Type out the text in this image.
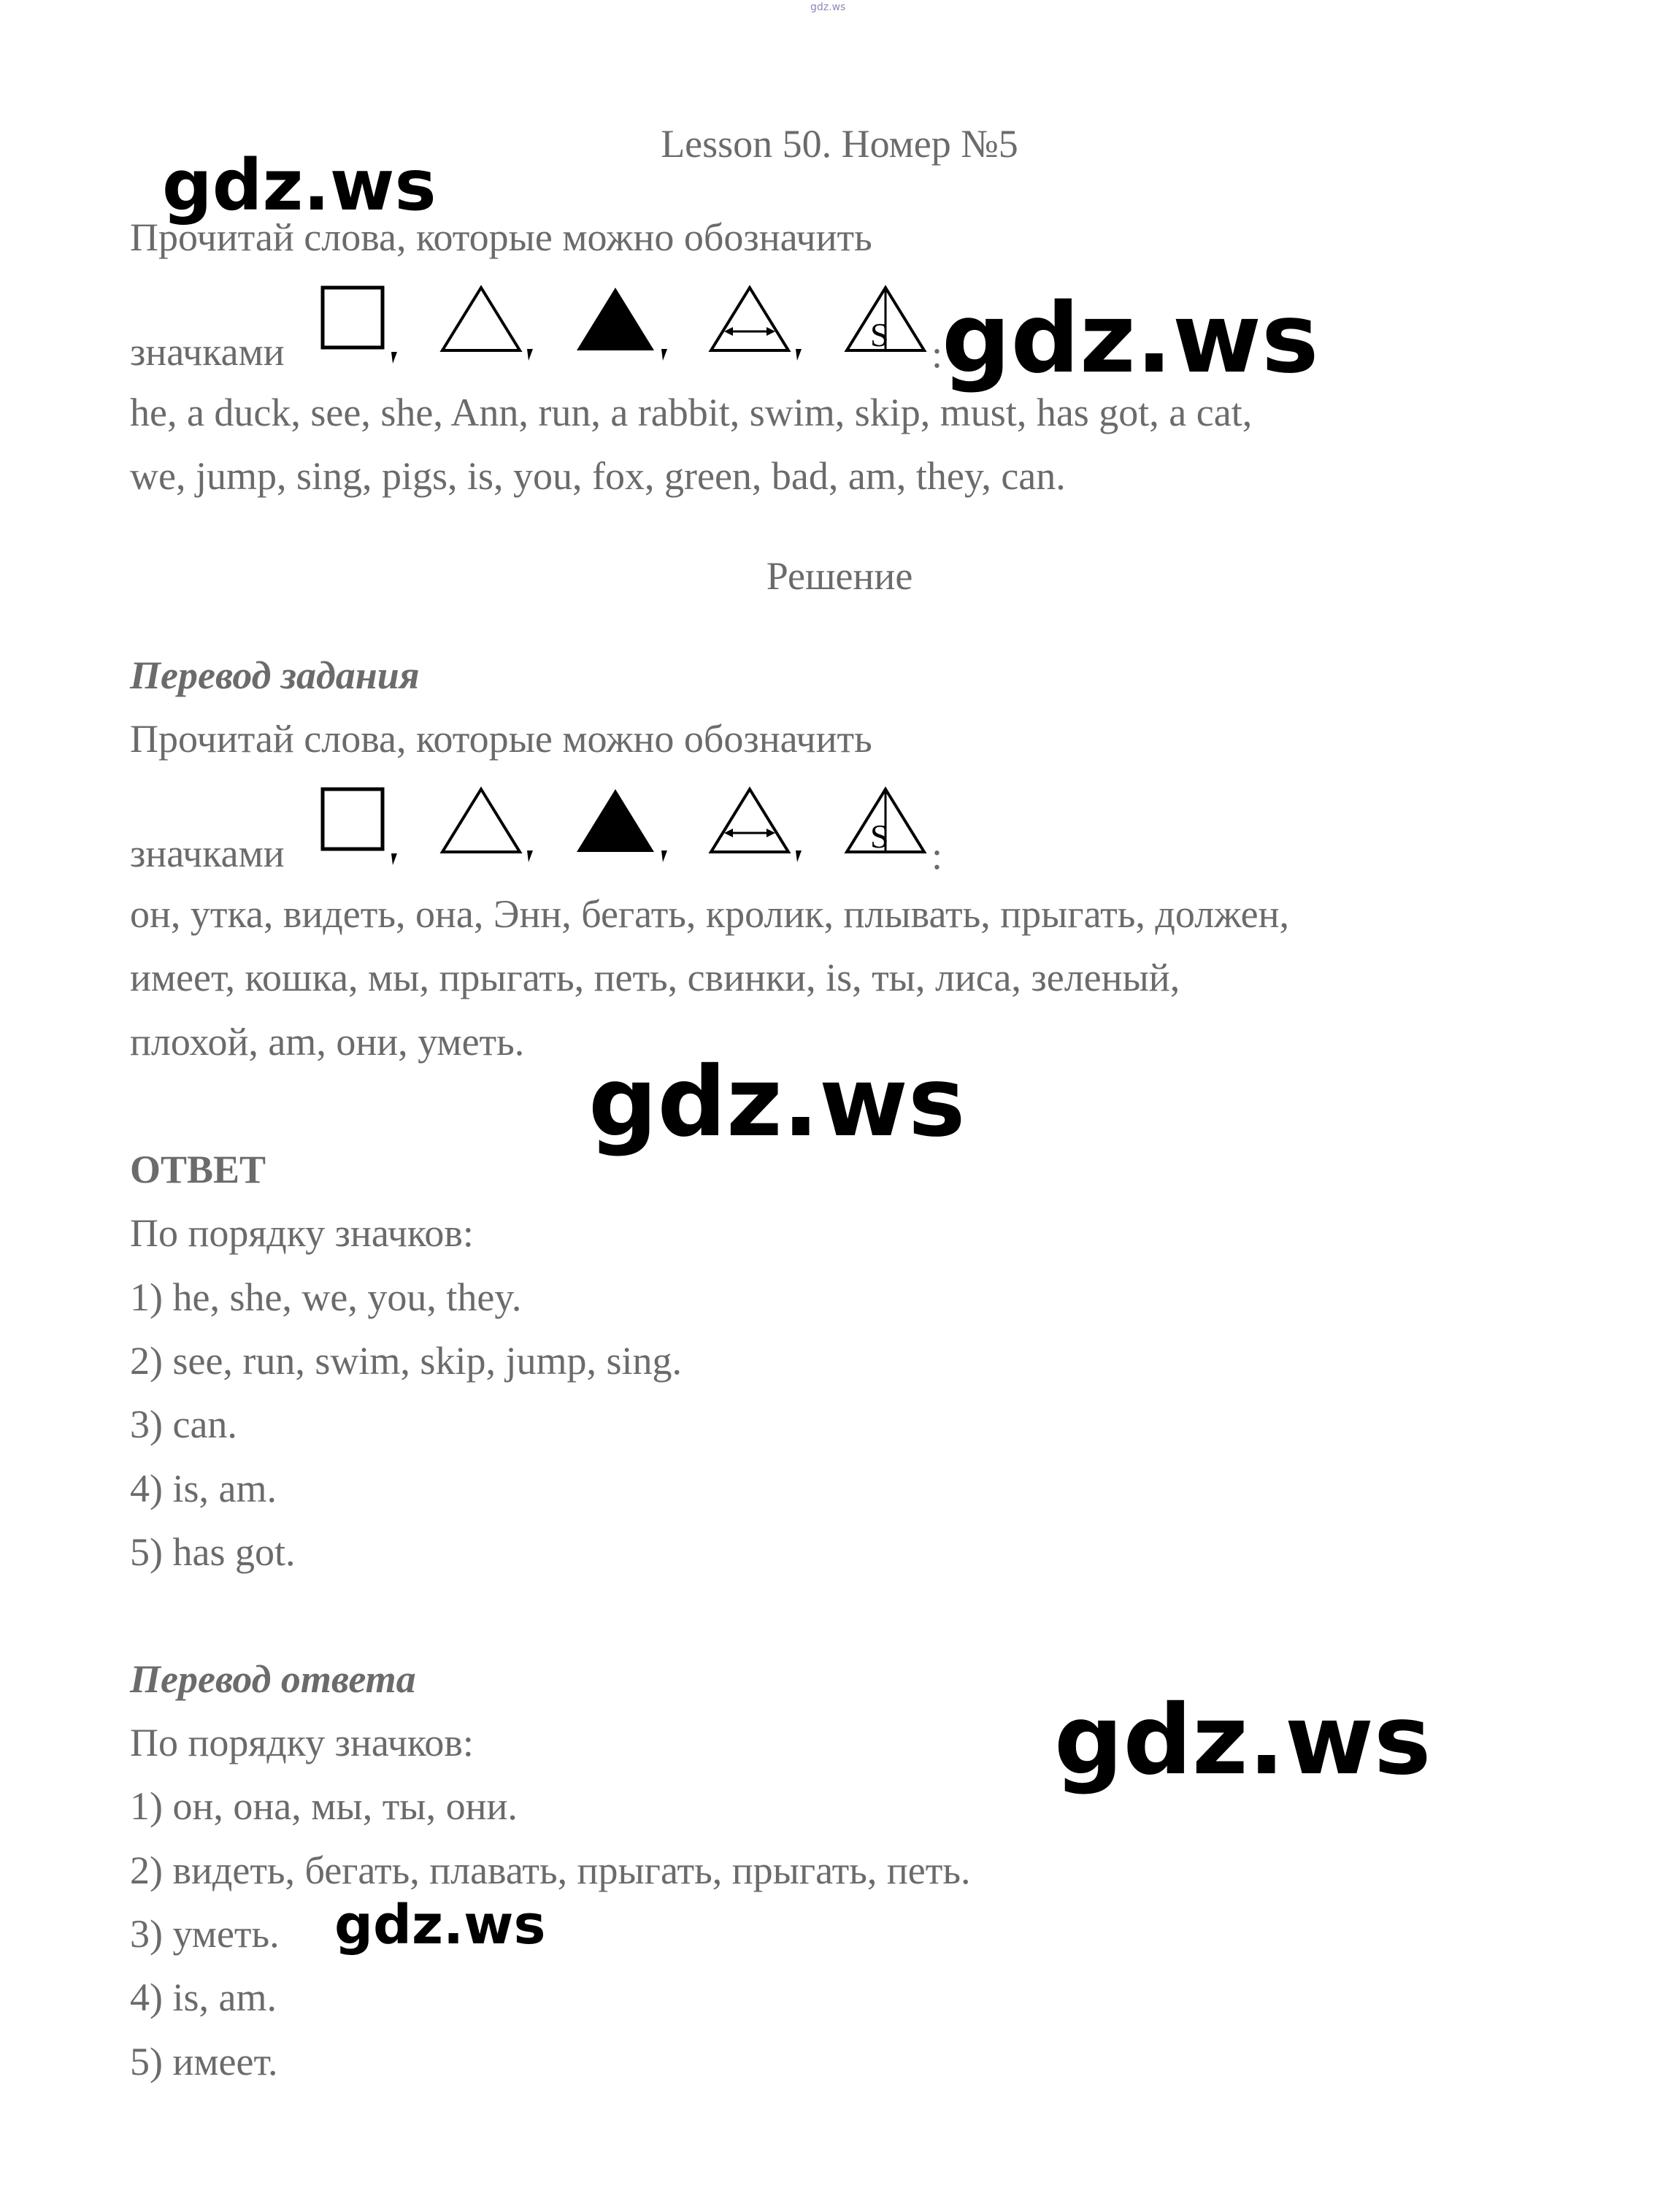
gdz.ws
Lesson 50. Номер №5
Прочитай слова, которые можно обозначить
значками	S :
he, a duck, see, she, Ann, run, a rabbit, swim, skip, must, has got, a cat,
we, jump, sing, pigs, is, you, fox, green, bad, am, they, can.
Решение
Перевод задания
Прочитай слова, которые можно обозначить
значками	S :
он, утка, видеть, она, Энн, бегать, кролик, плывать, прыгать, должен,
имеет, кошка, мы, прыгать, петь, свинки, is, ты, лиса, зеленый,
плохой, am, они, уметь.
ОТВЕТ
По порядку значков:
1) he, she, we, you, they.
2) see, run, swim, skip, jump, sing.
3) can.
4) is, am.
5) has got.
Перевод ответа
По порядку значков:
1) он, она, мы, ты, они.
2) видеть, бегать, плавать, прыгать, прыгать, петь.
3) уметь.
4) is, am.
5) имеет.
gdz.ws
gdz.ws
gdz.ws
gdz.ws
gdz.ws
